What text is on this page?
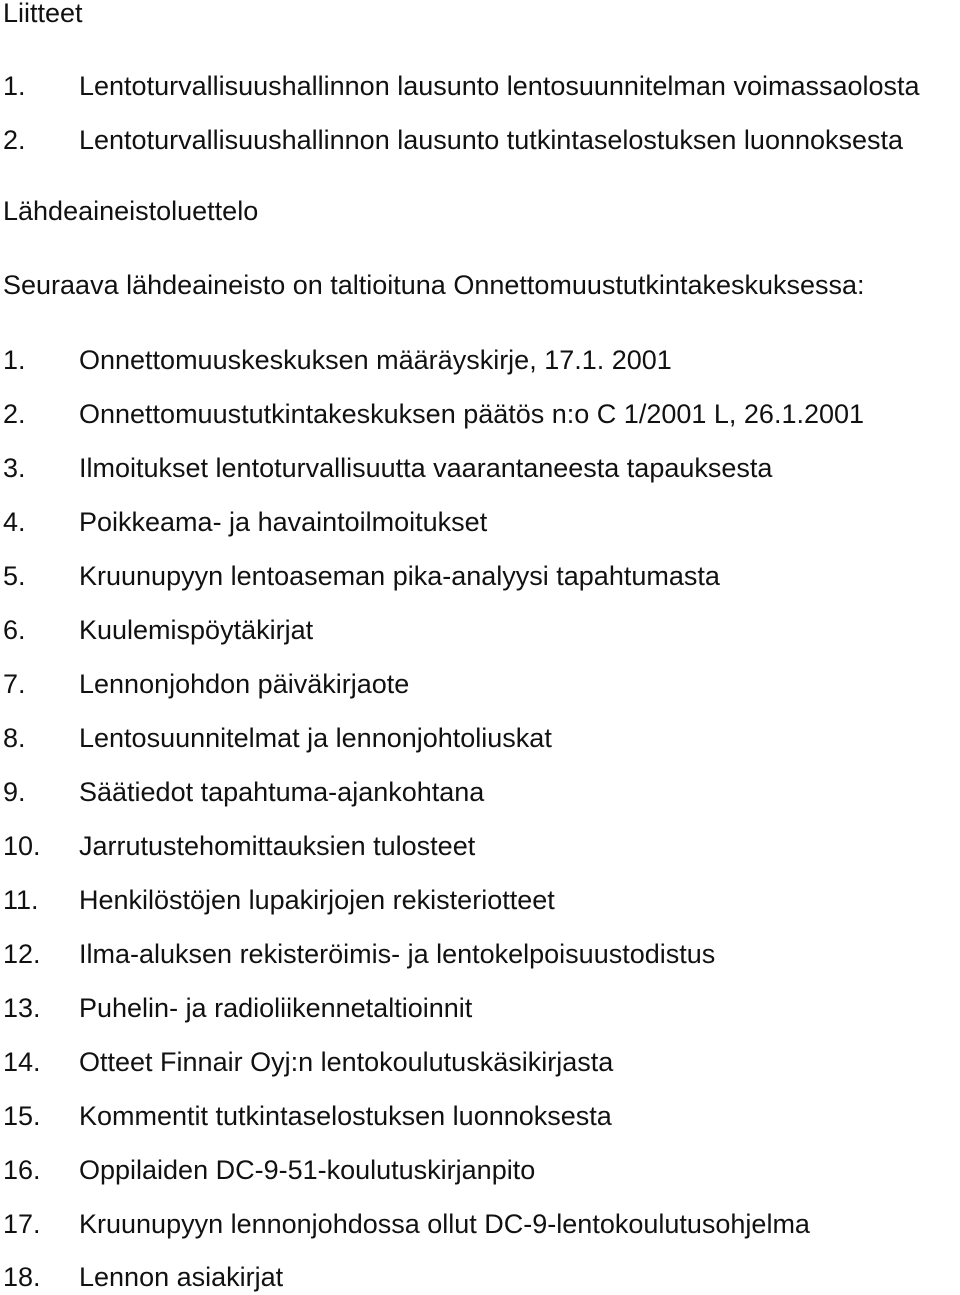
Liitteet
1.	Lentoturvallisuushallinnon lausunto lentosuunnitelman voimassaolosta
2.	Lentoturvallisuushallinnon lausunto tutkintaselostuksen luonnoksesta
Lähdeaineistoluettelo
Seuraava lähdeaineisto on taltioituna Onnettomuustutkintakeskuksessa:
1.	Onnettomuuskeskuksen määräyskirje, 17.1. 2001
2.	Onnettomuustutkintakeskuksen päätös n:o C 1/2001 L, 26.1.2001
3.	Ilmoitukset lentoturvallisuutta vaarantaneesta tapauksesta
4.	Poikkeama- ja havaintoilmoitukset
5.	Kruunupyyn lentoaseman pika-analyysi tapahtumasta
6.	Kuulemispöytäkirjat
7.	Lennonjohdon päiväkirjaote
8.	Lentosuunnitelmat ja lennonjohtoliuskat
9.	Säätiedot tapahtuma-ajankohtana
10.	Jarrutustehomittauksien tulosteet
11.	Henkilöstöjen lupakirjojen rekisteriotteet
12.	Ilma-aluksen rekisteröimis- ja lentokelpoisuustodistus
13.	Puhelin- ja radioliikennetaltioinnit
14.	Otteet Finnair Oyj:n lentokoulutuskäsikirjasta
15.	Kommentit tutkintaselostuksen luonnoksesta
16.	Oppilaiden DC-9-51-koulutuskirjanpito
17.	Kruunupyyn lennonjohdossa ollut DC-9-lentokoulutusohjelma
18.	Lennon asiakirjat
